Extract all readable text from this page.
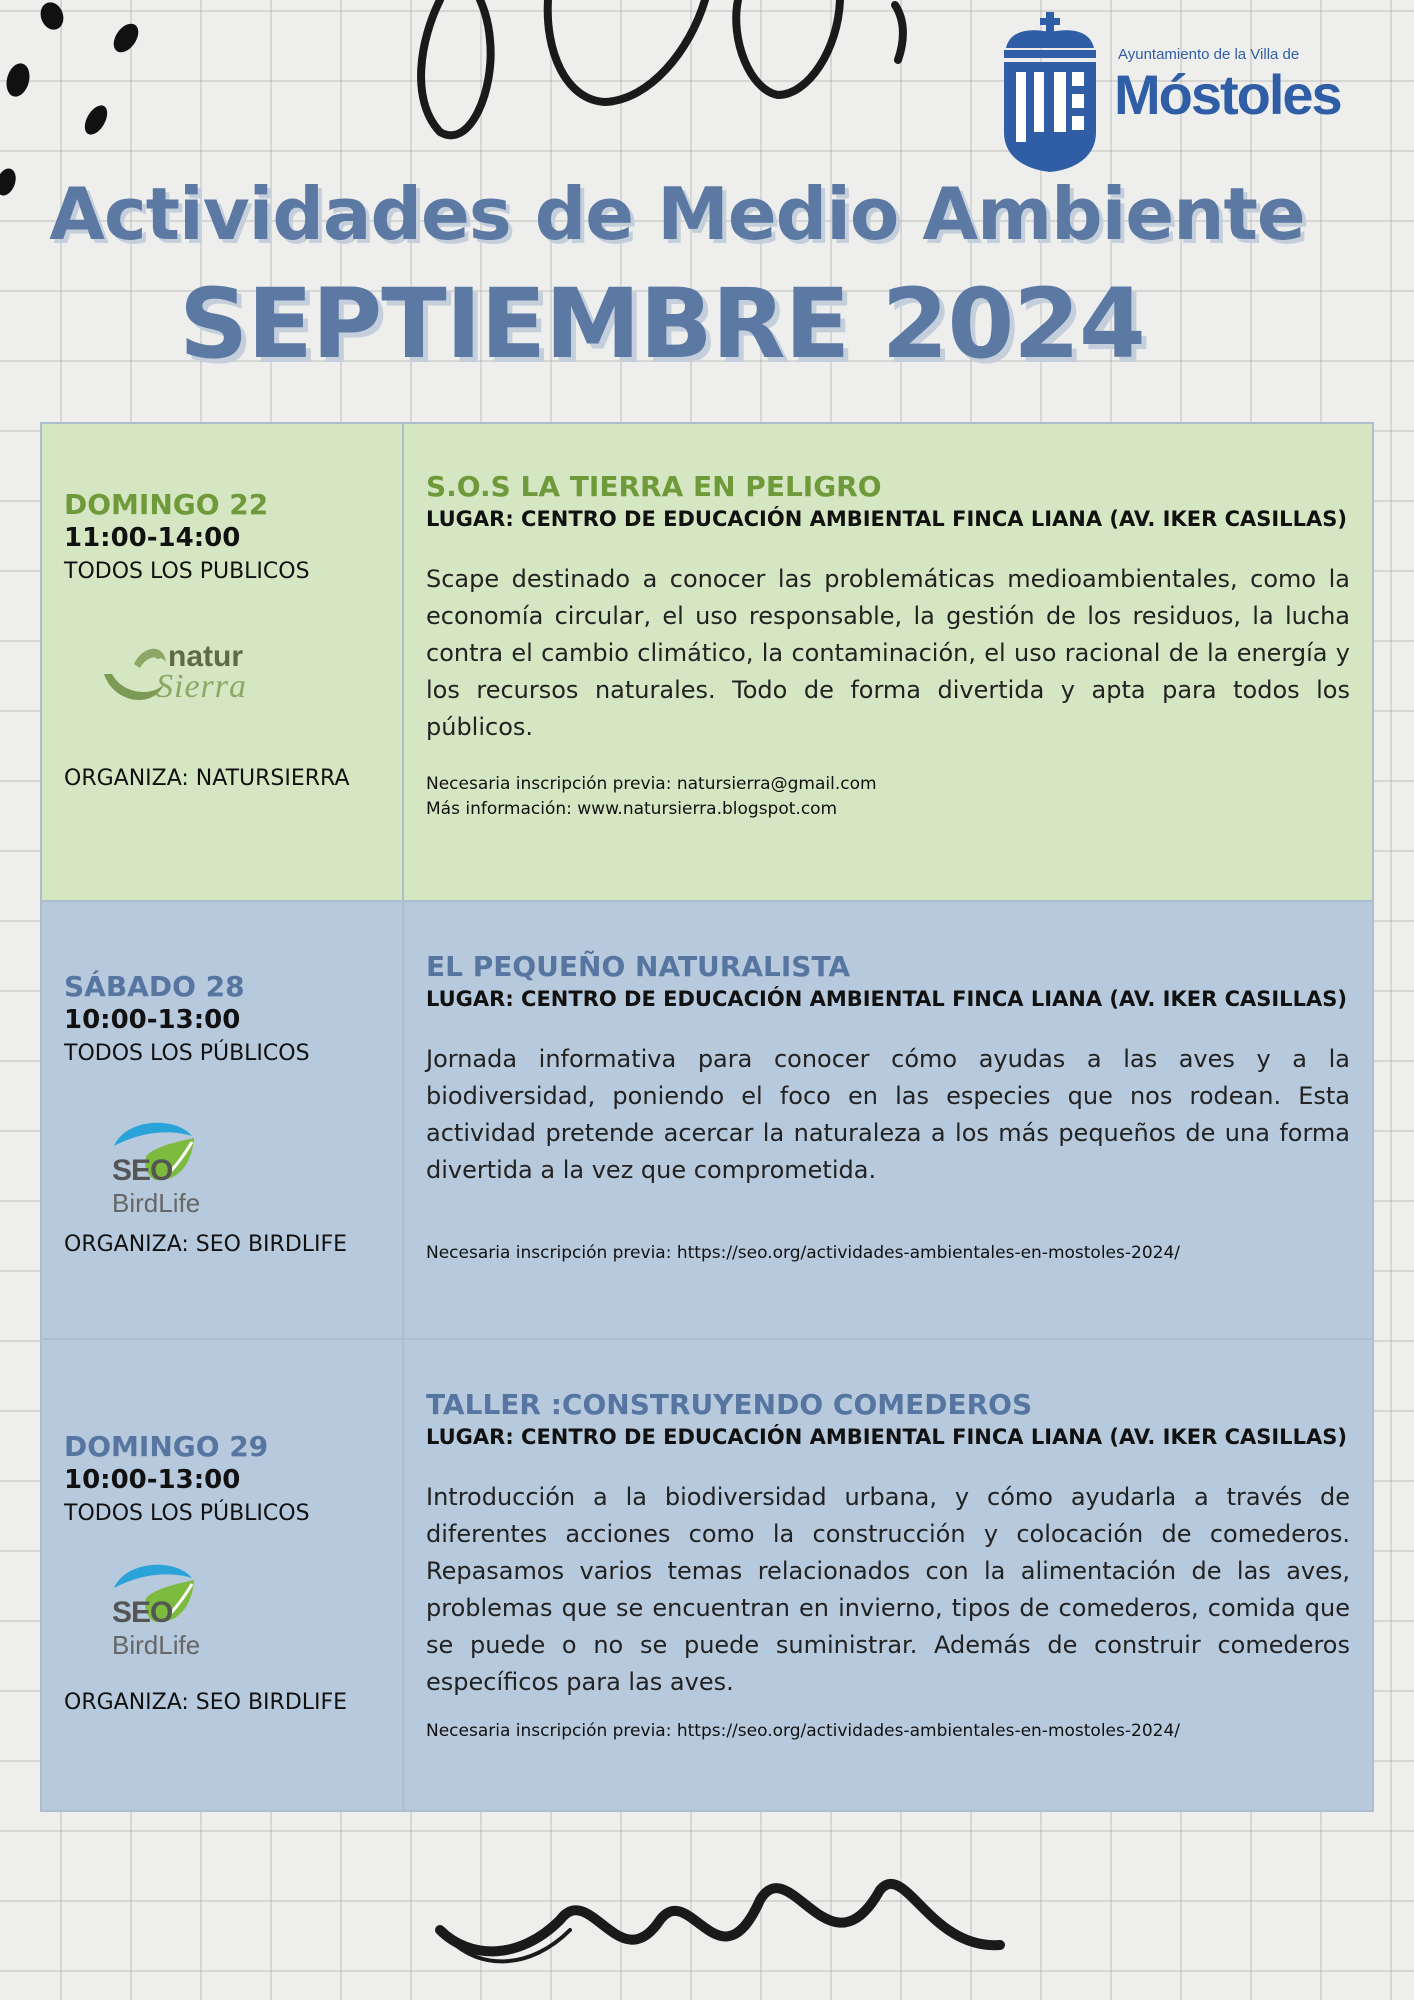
Ayuntamiento de la Villa de
Móstoles
Actividades de Medio Ambiente
SEPTIEMBRE 2024

DOMINGO 22

11:00-14:00

TODOS LOS PUBLICOS

natur
Sierra

ORGANIZA: NATURSIERRA

S.O.S LA TIERRA EN PELIGRO

LUGAR: CENTRO DE EDUCACIÓN AMBIENTAL FINCA LIANA (AV. IKER CASILLAS)

Scape destinado a conocer las problemáticas medioambientales, como la economía circular, el uso responsable, la gestión de los residuos, la lucha contra el cambio climático, la contaminación, el uso racional de la energía y los recursos naturales. Todo de forma divertida y apta para todos los públicos.

Necesaria inscripción previa: natursierra@gmail.com

Más información: www.natursierra.blogspot.com

SÁBADO 28

10:00-13:00

TODOS LOS PÚBLICOS

SEO
BirdLife

ORGANIZA: SEO BIRDLIFE

EL PEQUEÑO NATURALISTA

LUGAR: CENTRO DE EDUCACIÓN AMBIENTAL FINCA LIANA (AV. IKER CASILLAS)

Jornada informativa para conocer cómo ayudas a las aves y a la biodiversidad, poniendo el foco en las especies que nos rodean. Esta actividad pretende acercar la naturaleza a los más pequeños de una forma divertida a la vez que comprometida.

Necesaria inscripción previa: https://seo.org/actividades-ambientales-en-mostoles-2024/

DOMINGO 29

10:00-13:00

TODOS LOS PÚBLICOS

SEO
BirdLife

ORGANIZA: SEO BIRDLIFE

TALLER :CONSTRUYENDO COMEDEROS

LUGAR: CENTRO DE EDUCACIÓN AMBIENTAL FINCA LIANA (AV. IKER CASILLAS)

Introducción a la biodiversidad urbana, y cómo ayudarla a través de diferentes acciones como la construcción y colocación de comederos. Repasamos varios temas relacionados con la alimentación de las aves, problemas que se encuentran en invierno, tipos de comederos, comida que se puede o no se puede suministrar. Además de construir comederos específicos para las aves.

Necesaria inscripción previa: https://seo.org/actividades-ambientales-en-mostoles-2024/
